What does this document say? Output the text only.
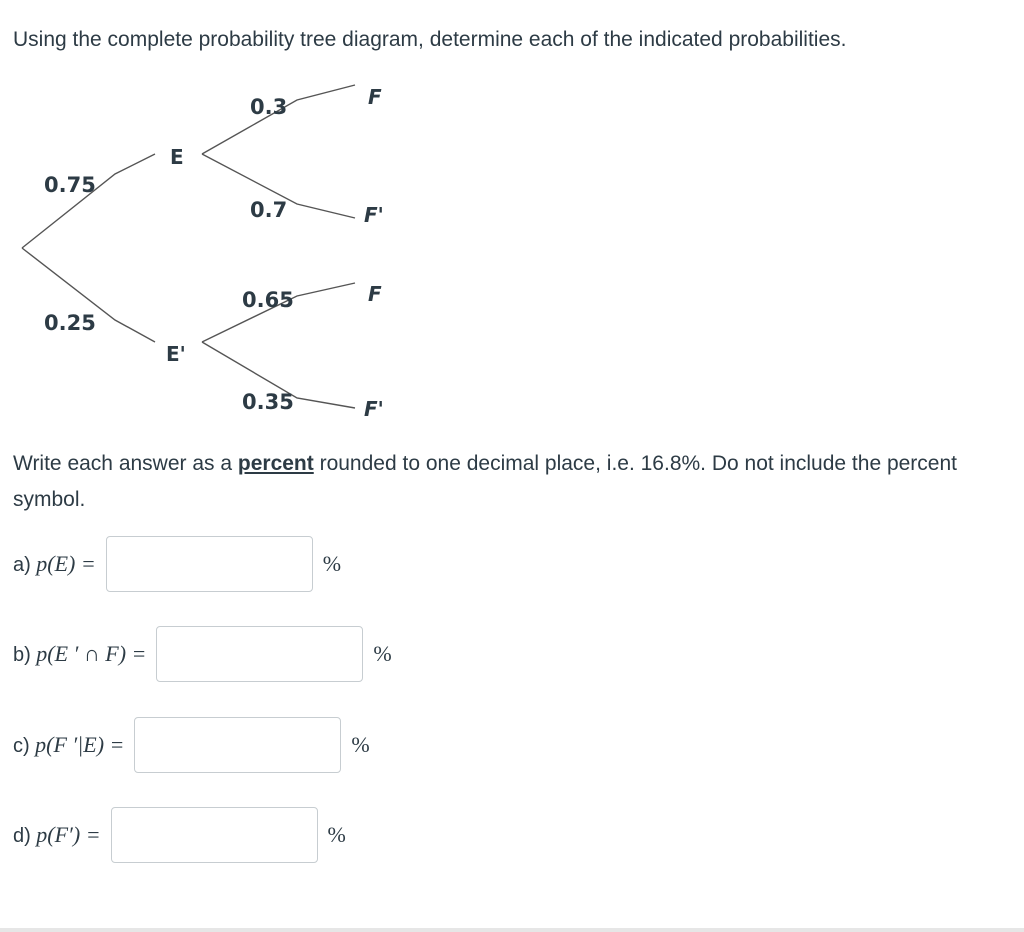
Using the complete probability tree diagram, determine each of the indicated probabilities.

0.75
0.25
E
E'
0.3
0.7
0.65
0.35
F
F'
F
F'

Write each answer as a percent rounded to one decimal place, i.e. 16.8%. Do not include the percent symbol.

a) p(E) =	%
b) p(E ′ ∩ F) =	%
c) p(F ′|E) =	%
d) p(F′) =	%
